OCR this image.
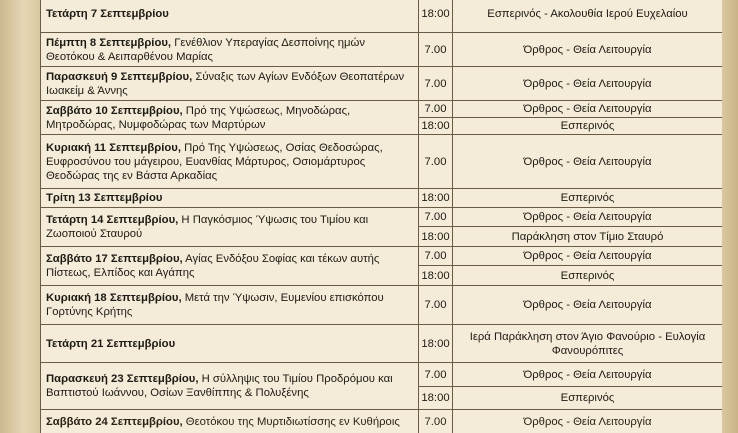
Τετάρτη 7 Σεπτεμβρίου	18:00	Εσπερινός - Ακολουθία Ιερού Ευχελαίου
Πέμπτη 8 Σεπτεμβρίου, Γενέθλιον Υπεραγίας Δεσποίνης ημών Θεοτόκου & Αειπαρθένου Μαρίας	7.00	Όρθρος - Θεία Λειτουργία
Παρασκευή 9 Σεπτεμβρίου, Σύναξις των Αγίων Ενδόξων Θεοπατέρων Ιωακείμ & Άννης	7.00	Όρθρος - Θεία Λειτουργία
Σαββάτο 10 Σεπτεμβρίου, Πρό της Υψώσεως, Μηνοδώρας, Μητροδώρας, Νυμφοδώρας των Μαρτύρων	7.00	Όρθρος - Θεία Λειτουργία
	18:00	Εσπερινός
Κυριακή 11 Σεπτεμβρίου, Πρό Της Υψώσεως, Οσίας Θεδοσώρας, Ευφροσύνου του μάγειρου, Ευανθίας Μάρτυρος, Οσιομάρτυρος Θεοδώρας της εν Βάστα Αρκαδίας	7.00	Όρθρος - Θεία Λειτουργία
Τρίτη 13 Σεπτεμβρίου	18:00	Εσπερινός
Τετάρτη 14 Σεπτεμβρίου, Η Παγκόσμιος Ύψωσις του Τιμίου και Ζωοποιού Σταυρού	7.00	Όρθρος - Θεία Λειτουργία
	18:00	Παράκληση στον Τίμιο Σταυρό
Σαββάτο 17 Σεπτεμβρίου, Αγίας Ενδόξου Σοφίας και τέκων αυτής Πίστεως, Ελπίδος και Αγάπης	7.00	Όρθρος - Θεία Λειτουργία
	18:00	Εσπερινός
Κυριακή 18 Σεπτεμβρίου, Μετά την Ύψωσιν, Ευμενίου επισκόπου Γορτύνης Κρήτης	7.00	Όρθρος - Θεία Λειτουργία
Τετάρτη 21 Σεπτεμβρίου	18:00	Ιερά Παράκληση στον Άγιο Φανούριο - Ευλογία Φανουρόπιτες
Παρασκευή 23 Σεπτεμβρίου, Η σύλληψις του Τιμίου Προδρόμου και Βαπτιστού Ιωάννου, Οσίων Ξανθίππης & Πολυξένης	7.00	Όρθρος - Θεία Λειτουργία
	18:00	Εσπερινός
Σαββάτο 24 Σεπτεμβρίου, Θεοτόκου της Μυρτιδιωτίσσης εν Κυθήροις	7.00	Όρθρος - Θεία Λειτουργία
